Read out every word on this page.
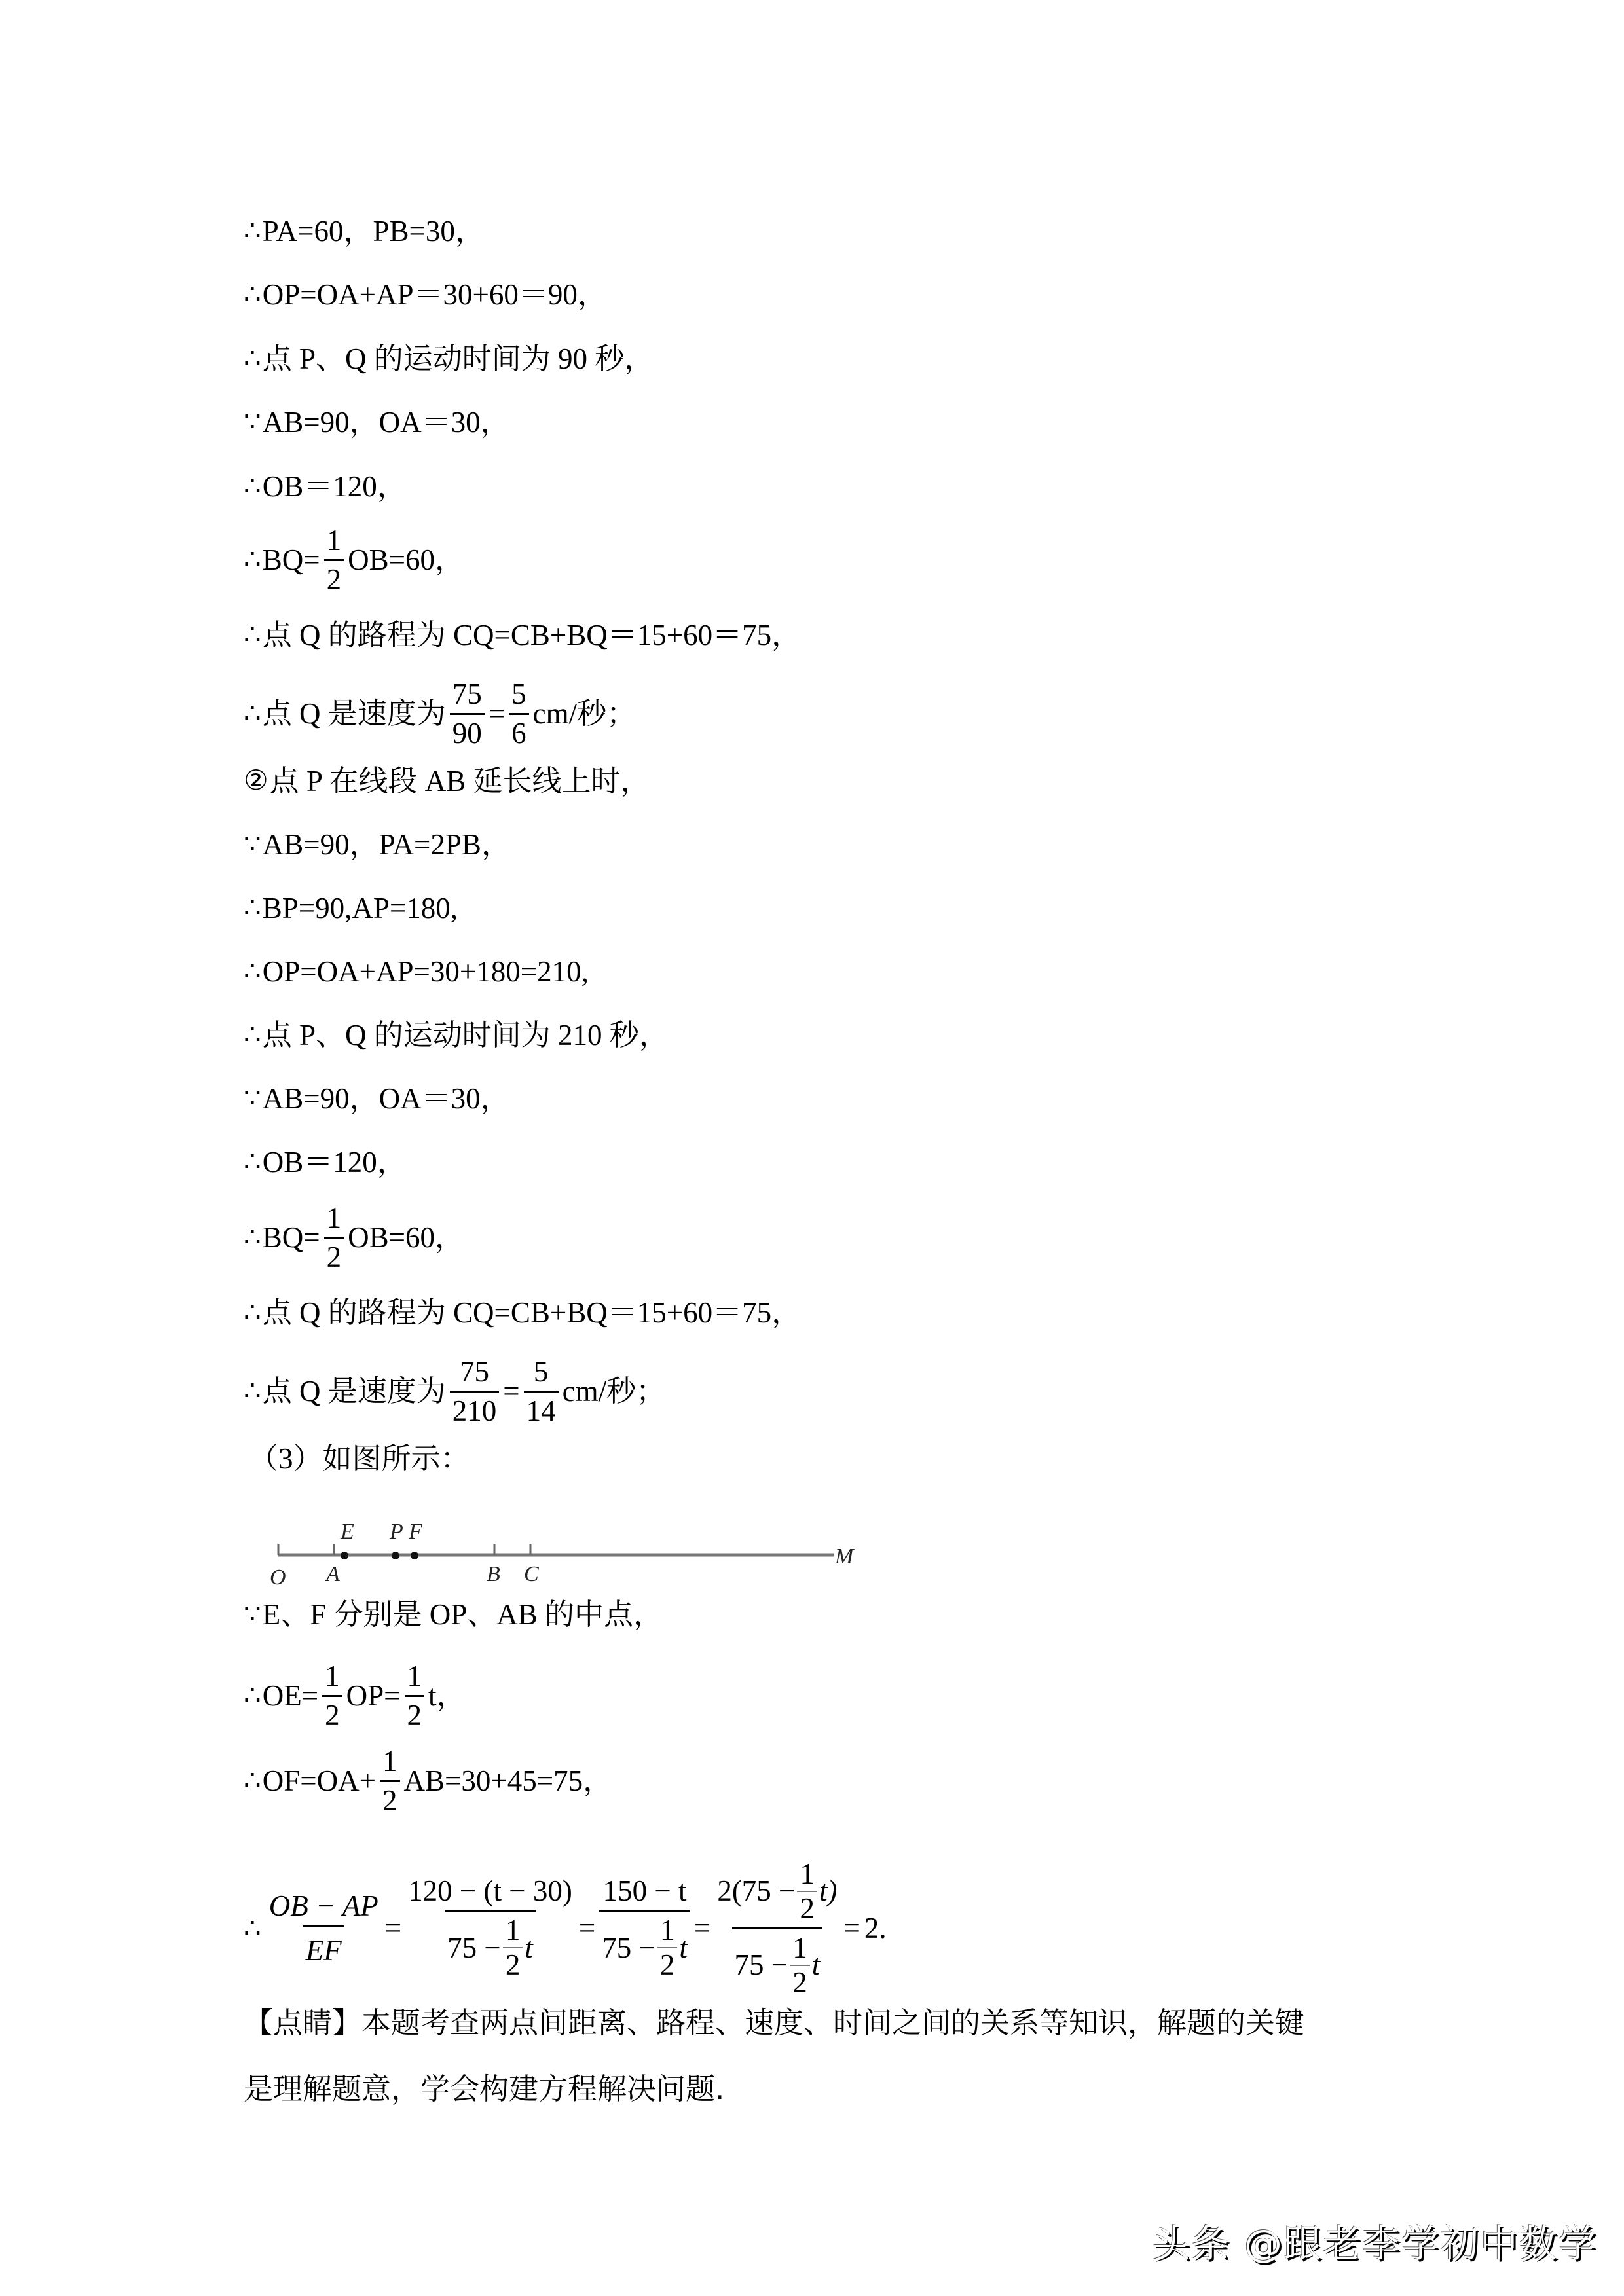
∴ PA=60，PB=30，
∴ OP=OA+AP＝30+60＝90，
∴ 点 P、Q 的运动时间为 90 秒，
∵ AB=90，OA＝30，
∴ OB＝120，
∴ $BQ= \frac{1}{2} OB=60$，
∴ 点 Q 的路程为 CQ=CB+BQ＝15+60＝75，
∴ 点 Q 是速度为 $\frac{75}{90} = \frac{5}{6} cm/$秒；
② 点 P 在线段 AB 延长线上时，
∵ AB=90，PA=2PB，
∴ BP=90,AP=180,
∴ OP=OA+AP=30+180=210,
∴ 点 P、Q 的运动时间为 210 秒，
∵ AB=90，OA＝30，
∴ OB＝120，
∴ $BQ= \frac{1}{2} OB=60$，
∴ 点 Q 的路程为 CQ=CB+BQ＝15+60＝75，
∴ 点 Q 是速度为 $\frac{75}{210} = \frac{5}{14} cm/$秒；
（3）如图所示：
O A
E P F
B C
M
∵ E、F 分别是 OP、AB 的中点，
∴ $OE= \frac{1}{2} OP= \frac{1}{2}$ t，
∴ $OF=OA+ \frac{1}{2} AB=30+45=75$，
∴ $\frac{OB - AP}{EF} = \frac{120 - (t - 30)}{75 - \frac{1}{2} t} = \frac{150 - t}{75 - \frac{1}{2} t} = \frac{2(75 - \frac{1}{2} t)}{75 - \frac{1}{2} t} = 2$ .
【点睛】本题考查两点间距离、路程、速度、时间之间的关系等知识，解题的关键
是理解题意，学会构建方程解决问题.
头条 @跟老李学初中数学
